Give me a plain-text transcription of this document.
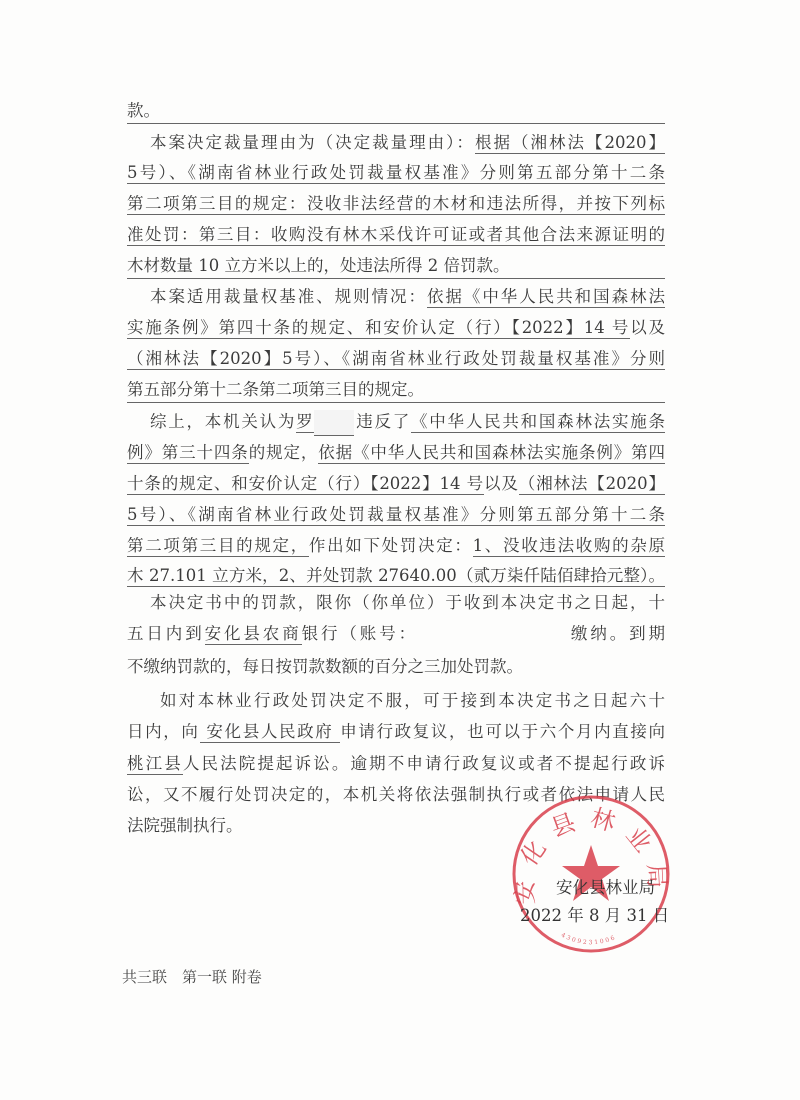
款。
本案决定裁量理由为（决定裁量理由）：根据（湘林法【2020】
5号）、《湖南省林业行政处罚裁量权基准》分则第五部分第十二条
第二项第三目的规定：没收非法经营的木材和违法所得，并按下列标
准处罚：第三目：收购没有林木采伐许可证或者其他合法来源证明的
木材数量 10 立方米以上的，处违法所得 2 倍罚款。
本案适用裁量权基准、规则情况：依据《中华人民共和国森林法
实施条例》第四十条的规定、和安价认定（行）【2022】14 号以及
（湘林法【2020】5号）、《湖南省林业行政处罚裁量权基准》分则
第五部分第十二条第二项第三目的规定。
综上，本机关认为罗 违反了《中华人民共和国森林法实施条
例》第三十四条的规定，依据《中华人民共和国森林法实施条例》第四
十条的规定、和安价认定（行）【2022】14 号以及（湘林法【2020】
5号）、《湖南省林业行政处罚裁量权基准》分则第五部分第十二条
第二项第三目的规定，作出如下处罚决定：1、没收违法收购的杂原
木 27.101 立方米，2、并处罚款 27640.00（贰万柒仟陆佰肆拾元整）。
本决定书中的罚款，限你（你单位）于收到本决定书之日起，十
五日内到安化县农商银行（账号：	缴纳。到期
不缴纳罚款的，每日按罚款数额的百分之三加处罚款。
如对本林业行政处罚决定不服，可于接到本决定书之日起六十
日内，向 安化县人民政府 申请行政复议，也可以于六个月内直接向
桃江县人民法院提起诉讼。逾期不申请行政复议或者不提起行政诉
讼，又不履行处罚决定的，本机关将依法强制执行或者依法申请人民
法院强制执行。
安化县林业局
4309231006
安化县林业局
2022 年 8 月 31 日
共三联　第一联 附卷
